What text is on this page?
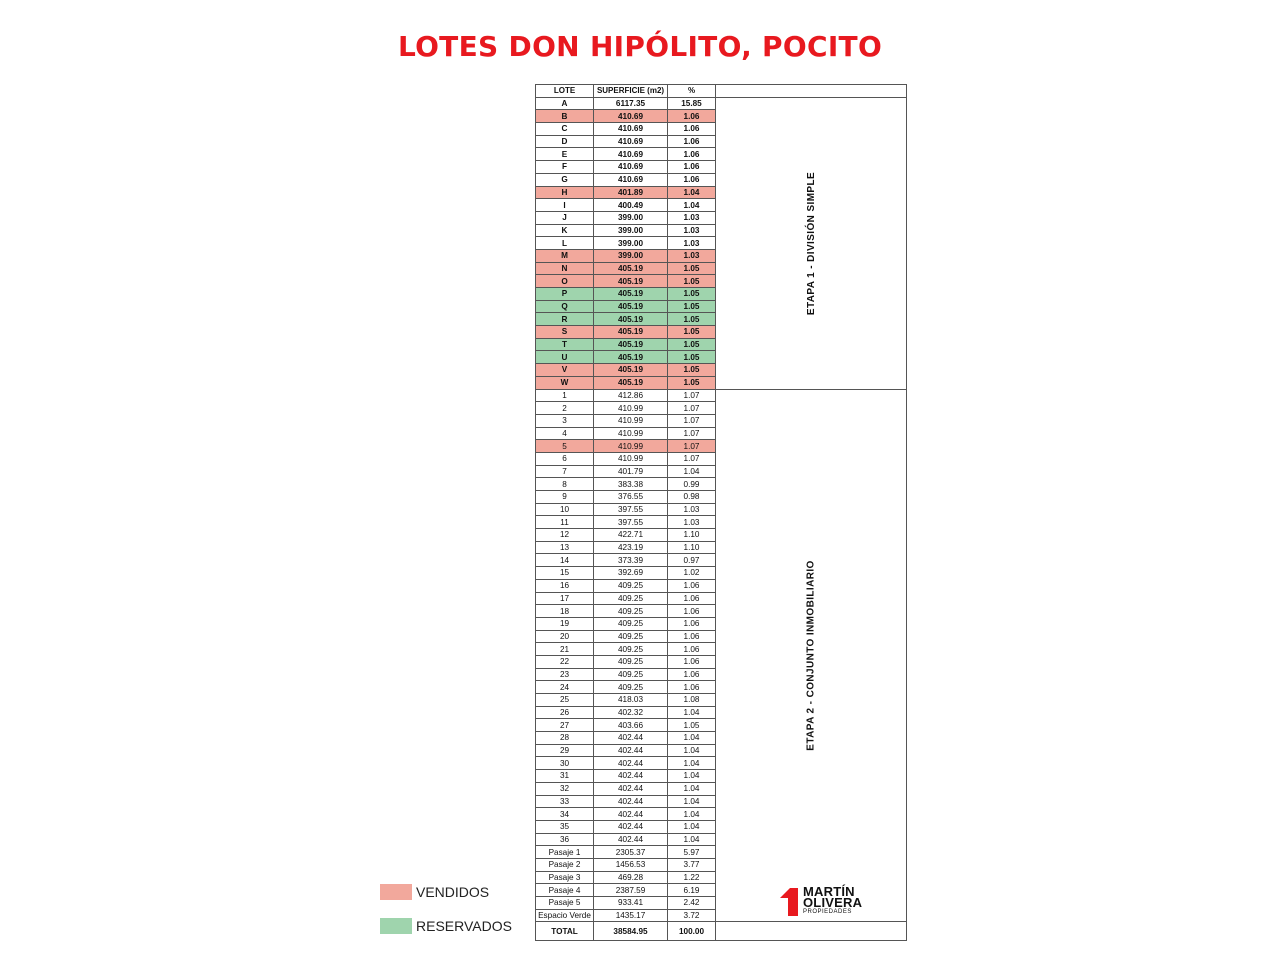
LOTES DON HIPÓLITO, POCITO
LOTE	SUPERFICIE (m2)	%	
A	6117.35	15.85	ETAPA 1 - DIVISIÓN SIMPLE
B	410.69	1.06	
C	410.69	1.06	
D	410.69	1.06	
E	410.69	1.06	
F	410.69	1.06	
G	410.69	1.06	
H	401.89	1.04	
I	400.49	1.04	
J	399.00	1.03	
K	399.00	1.03	
L	399.00	1.03	
M	399.00	1.03	
N	405.19	1.05	
O	405.19	1.05	
P	405.19	1.05	
Q	405.19	1.05	
R	405.19	1.05	
S	405.19	1.05	
T	405.19	1.05	
U	405.19	1.05	
V	405.19	1.05	
W	405.19	1.05	
1	412.86	1.07	ETAPA 2 - CONJUNTO INMOBILIARIO
2	410.99	1.07	
3	410.99	1.07	
4	410.99	1.07	
5	410.99	1.07	
6	410.99	1.07	
7	401.79	1.04	
8	383.38	0.99	
9	376.55	0.98	
10	397.55	1.03	
11	397.55	1.03	
12	422.71	1.10	
13	423.19	1.10	
14	373.39	0.97	
15	392.69	1.02	
16	409.25	1.06	
17	409.25	1.06	
18	409.25	1.06	
19	409.25	1.06	
20	409.25	1.06	
21	409.25	1.06	
22	409.25	1.06	
23	409.25	1.06	
24	409.25	1.06	
25	418.03	1.08	
26	402.32	1.04	
27	403.66	1.05	
28	402.44	1.04	
29	402.44	1.04	
30	402.44	1.04	
31	402.44	1.04	
32	402.44	1.04	
33	402.44	1.04	
34	402.44	1.04	
35	402.44	1.04	
36	402.44	1.04	
Pasaje 1	2305.37	5.97	
Pasaje 2	1456.53	3.77	
Pasaje 3	469.28	1.22	
Pasaje 4	2387.59	6.19	
Pasaje 5	933.41	2.42	
Espacio Verde	1435.17	3.72	
TOTAL	38584.95	100.00	
VENDIDOS
RESERVADOS
MARTÍN
OLIVERA
PROPIEDADES
